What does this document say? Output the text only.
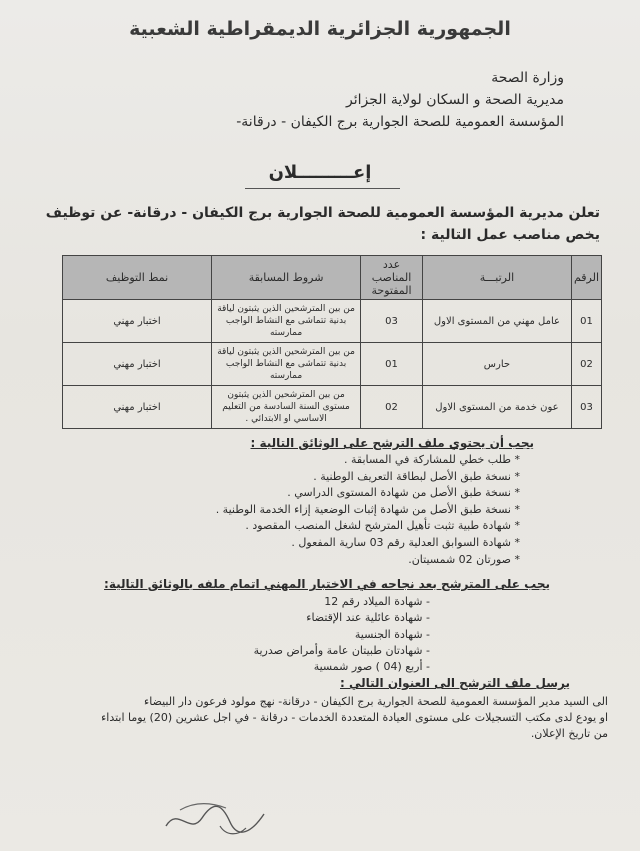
الجمهورية الجزائرية الديمقراطية الشعبية
وزارة الصحة
مديرية الصحة و السكان لولاية الجزائر
المؤسسة العمومية للصحة الجوارية برج الكيفان - درقانة-
إعـــــــــلان
تعلن مديرية المؤسسة العمومية للصحة الجوارية برج الكيفان - درقانة- عن توظيف يخص مناصب عمل التالية :
الرقم	الرتبـــة	عدد المناصب المفتوحة	شروط المسابقة	نمط التوظيف
01	عامل مهني من المستوى الاول	03	من بين المترشحين الذين يثبتون لياقة بدنية تتماشى مع النشاط الواجب ممارسته	اختبار مهني
02	حارس	01	من بين المترشحين الذين يثبتون لياقة بدنية تتماشى مع النشاط الواجب ممارسته	اختبار مهني
03	عون خدمة من المستوى الاول	02	من بين المترشحين الذين يثبتون مستوى السنة السادسة من التعليم الاساسي او الابتدائي .	اختبار مهني
يجب أن يحتوي ملف الترشح على الوثائق التالية :
* طلب خطي للمشاركة في المسابقة .
* نسخة طبق الأصل لبطاقة التعريف الوطنية .
* نسخة طبق الأصل من شهادة المستوى الدراسي .
* نسخة طبق الأصل من شهادة إثبات الوضعية إزاء الخدمة الوطنية .
* شهادة طبية تثبت تأهيل المترشح لشغل المنصب المقصود .
* شهادة السوابق العدلية رقم 03 سارية المفعول .
* صورتان 02 شمسيتان.
يجب على المترشح بعد نجاحه في الاختبار المهني اتمام ملفه بالوثائق التالية:
- شهادة الميلاد رقم 12
- شهادة عائلية عند الإقتضاء
- شهادة الجنسية
- شهادتان طبيتان عامة وأمراض صدرية
- أربع (04 ) صور شمسية
يرسل ملف الترشح الى العنوان التالي :
الى السيد مدير المؤسسة العمومية للصحة الجوارية برج الكيفان - درقانة- نهج مولود فرعون دار البيضاء
او يودع لدى مكتب التسجيلات على مستوى العيادة المتعددة الخدمات - درقانة - في اجل عشرين (20) يوما ابتداء
من تاريخ الإعلان.
